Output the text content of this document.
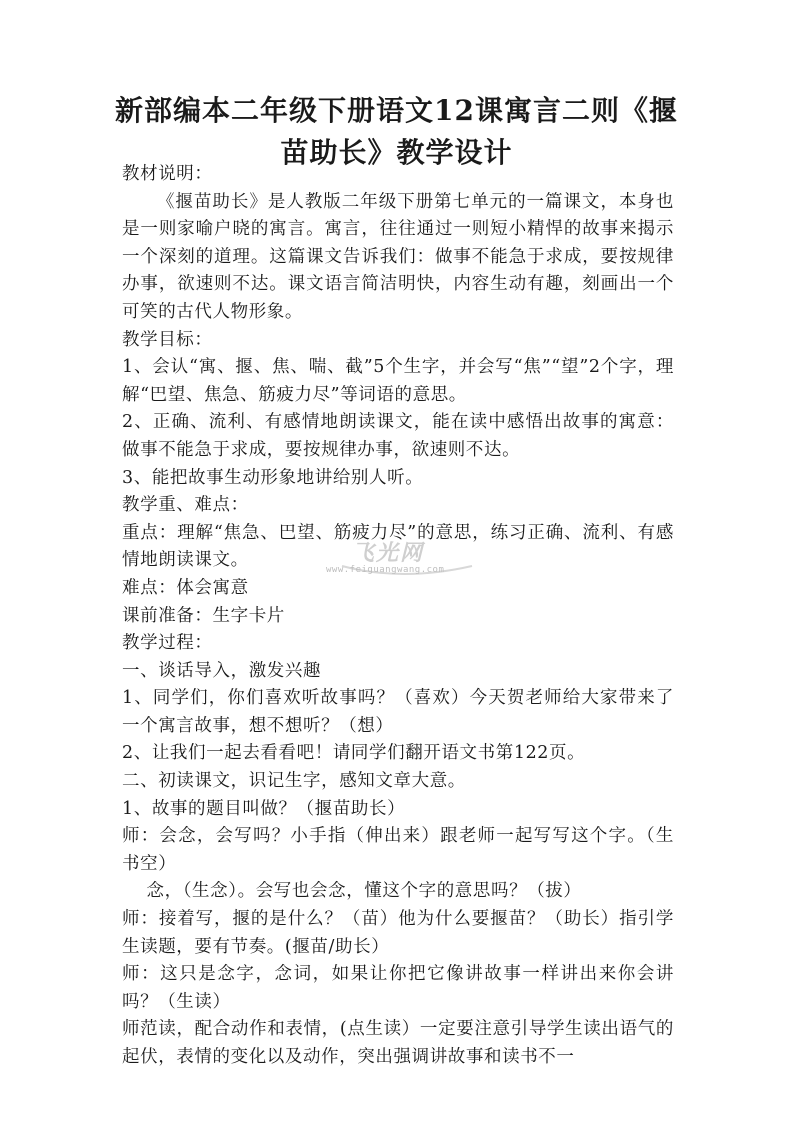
新部编本二年级下册语文12课寓言二则《揠苗助长》教学设计

教材说明：

《揠苗助长》是人教版二年级下册第七单元的一篇课文，本身也是一则家喻户晓的寓言。寓言，往往通过一则短小精悍的故事来揭示一个深刻的道理。这篇课文告诉我们：做事不能急于求成，要按规律办事，欲速则不达。课文语言简洁明快，内容生动有趣，刻画出一个可笑的古代人物形象。

教学目标：

1、会认“寓、揠、焦、喘、截”5个生字，并会写“焦”“望”2个字，理解“巴望、焦急、筋疲力尽”等词语的意思。

2、正确、流利、有感情地朗读课文，能在读中感悟出故事的寓意：做事不能急于求成，要按规律办事，欲速则不达。

3、能把故事生动形象地讲给别人听。

教学重、难点：

重点：理解“焦急、巴望、筋疲力尽”的意思，练习正确、流利、有感情地朗读课文。

难点：体会寓意

课前准备：生字卡片

教学过程：

一、谈话导入，激发兴趣

1、同学们，你们喜欢听故事吗？（喜欢）今天贺老师给大家带来了一个寓言故事，想不想听？（想）

2、让我们一起去看看吧！请同学们翻开语文书第122页。

二、初读课文，识记生字，感知文章大意。

1、故事的题目叫做？（揠苗助长）

师：会念，会写吗？小手指（伸出来）跟老师一起写写这个字。（生书空）

念，（生念）。会写也会念，懂这个字的意思吗？（拔）

师：接着写，揠的是什么？（苗）他为什么要揠苗？（助长）指引学生读题，要有节奏。(揠苗/助长）

师：这只是念字，念词，如果让你把它像讲故事一样讲出来你会讲吗？（生读）

师范读，配合动作和表情，(点生读）一定要注意引导学生读出语气的起伏，表情的变化以及动作，突出强调讲故事和读书不一

飞光网
www.feiguangwang.com
